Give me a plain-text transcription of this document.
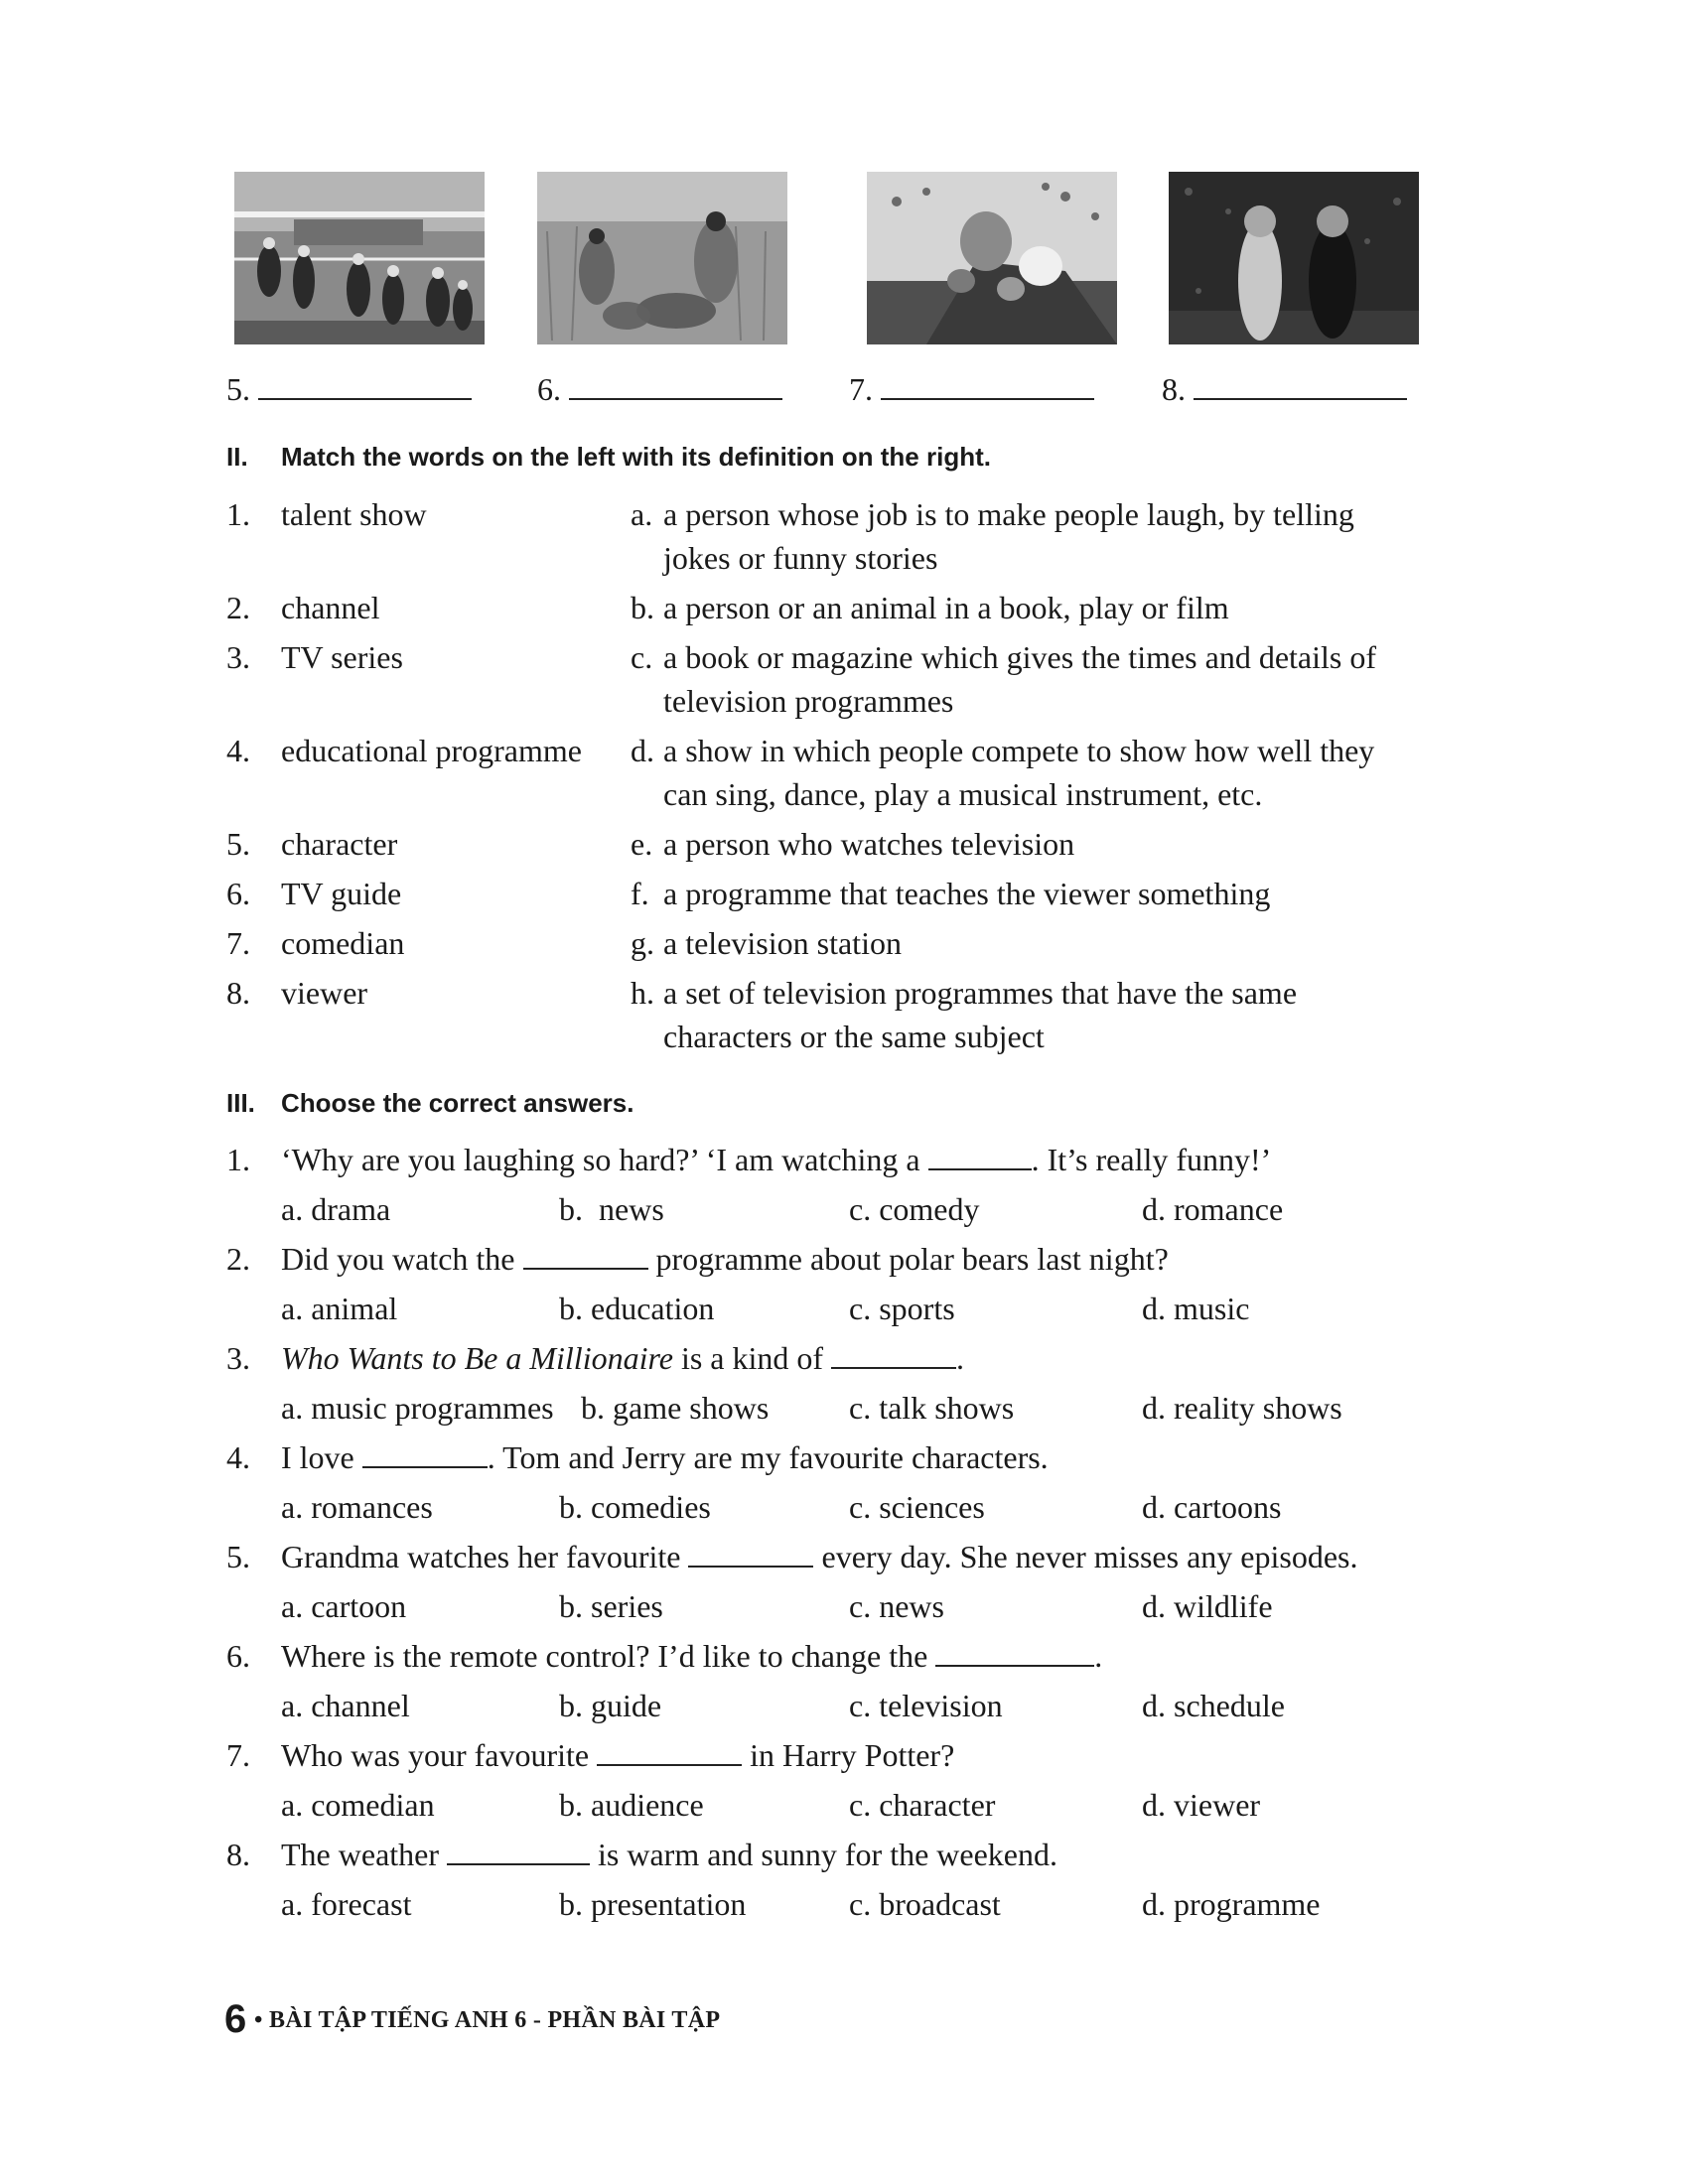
5.	6.	7.	8.
II. Match the words on the left with its definition on the right.
1. talent show	a. a person whose job is to make people laugh, by telling jokes or funny stories
2. channel	b. a person or an animal in a book, play or film
3. TV series	c. a book or magazine which gives the times and details of television programmes
4. educational programme d. a show in which people compete to show how well they can sing, dance, play a musical instrument, etc.
5. character	e. a person who watches television
6. TV guide	f. a programme that teaches the viewer something
7. comedian	g. a television station
8. viewer	h. a set of television programmes that have the same characters or the same subject
III. Choose the correct answers.
1. ‘Why are you laughing so hard?’ ‘I am watching a	. It’s really funny!’
a. drama	b.  news	c. comedy	d. romance
2. Did you watch the	programme about polar bears last night?
a. animal	b. education	c. sports	d. music
3. Who Wants to Be a Millionaire is a kind of	.
a. music programmes b. game shows	c. talk shows	d. reality shows
4. I love	. Tom and Jerry are my favourite characters.
a. romances	b. comedies	c. sciences	d. cartoons
5. Grandma watches her favourite	every day. She never misses any episodes.
a. cartoon	b. series	c. news	d. wildlife
6. Where is the remote control? I’d like to change the	.
a. channel	b. guide	c. television	d. schedule
7. Who was your favourite	in Harry Potter?
a. comedian	b. audience	c. character	d. viewer
8. The weather	is warm and sunny for the weekend.
a. forecast	b. presentation	c. broadcast	d. programme
6 • BÀI TẬP TIẾNG ANH 6 - PHẦN BÀI TẬP
